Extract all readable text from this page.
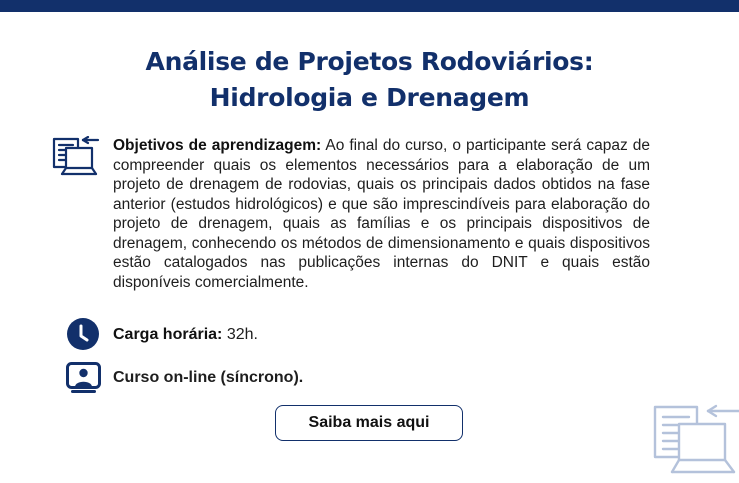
Análise de Projetos Rodoviários:
Hidrologia e Drenagem

Objetivos de aprendizagem: Ao final do curso, o participante será capaz de compreender quais os elementos necessários para a elaboração de um projeto de drenagem de rodovias, quais os principais dados obtidos na fase anterior (estudos hidrológicos) e que são imprescindíveis para elaboração do projeto de drenagem, quais as famílias e os principais dispositivos de drenagem, conhecendo os métodos de dimensionamento e quais dispositivos estão catalogados nas publicações internas do DNIT e quais estão disponíveis comercialmente.

Carga horária: 32h.
Curso on-line (síncrono).
Saiba mais aqui
